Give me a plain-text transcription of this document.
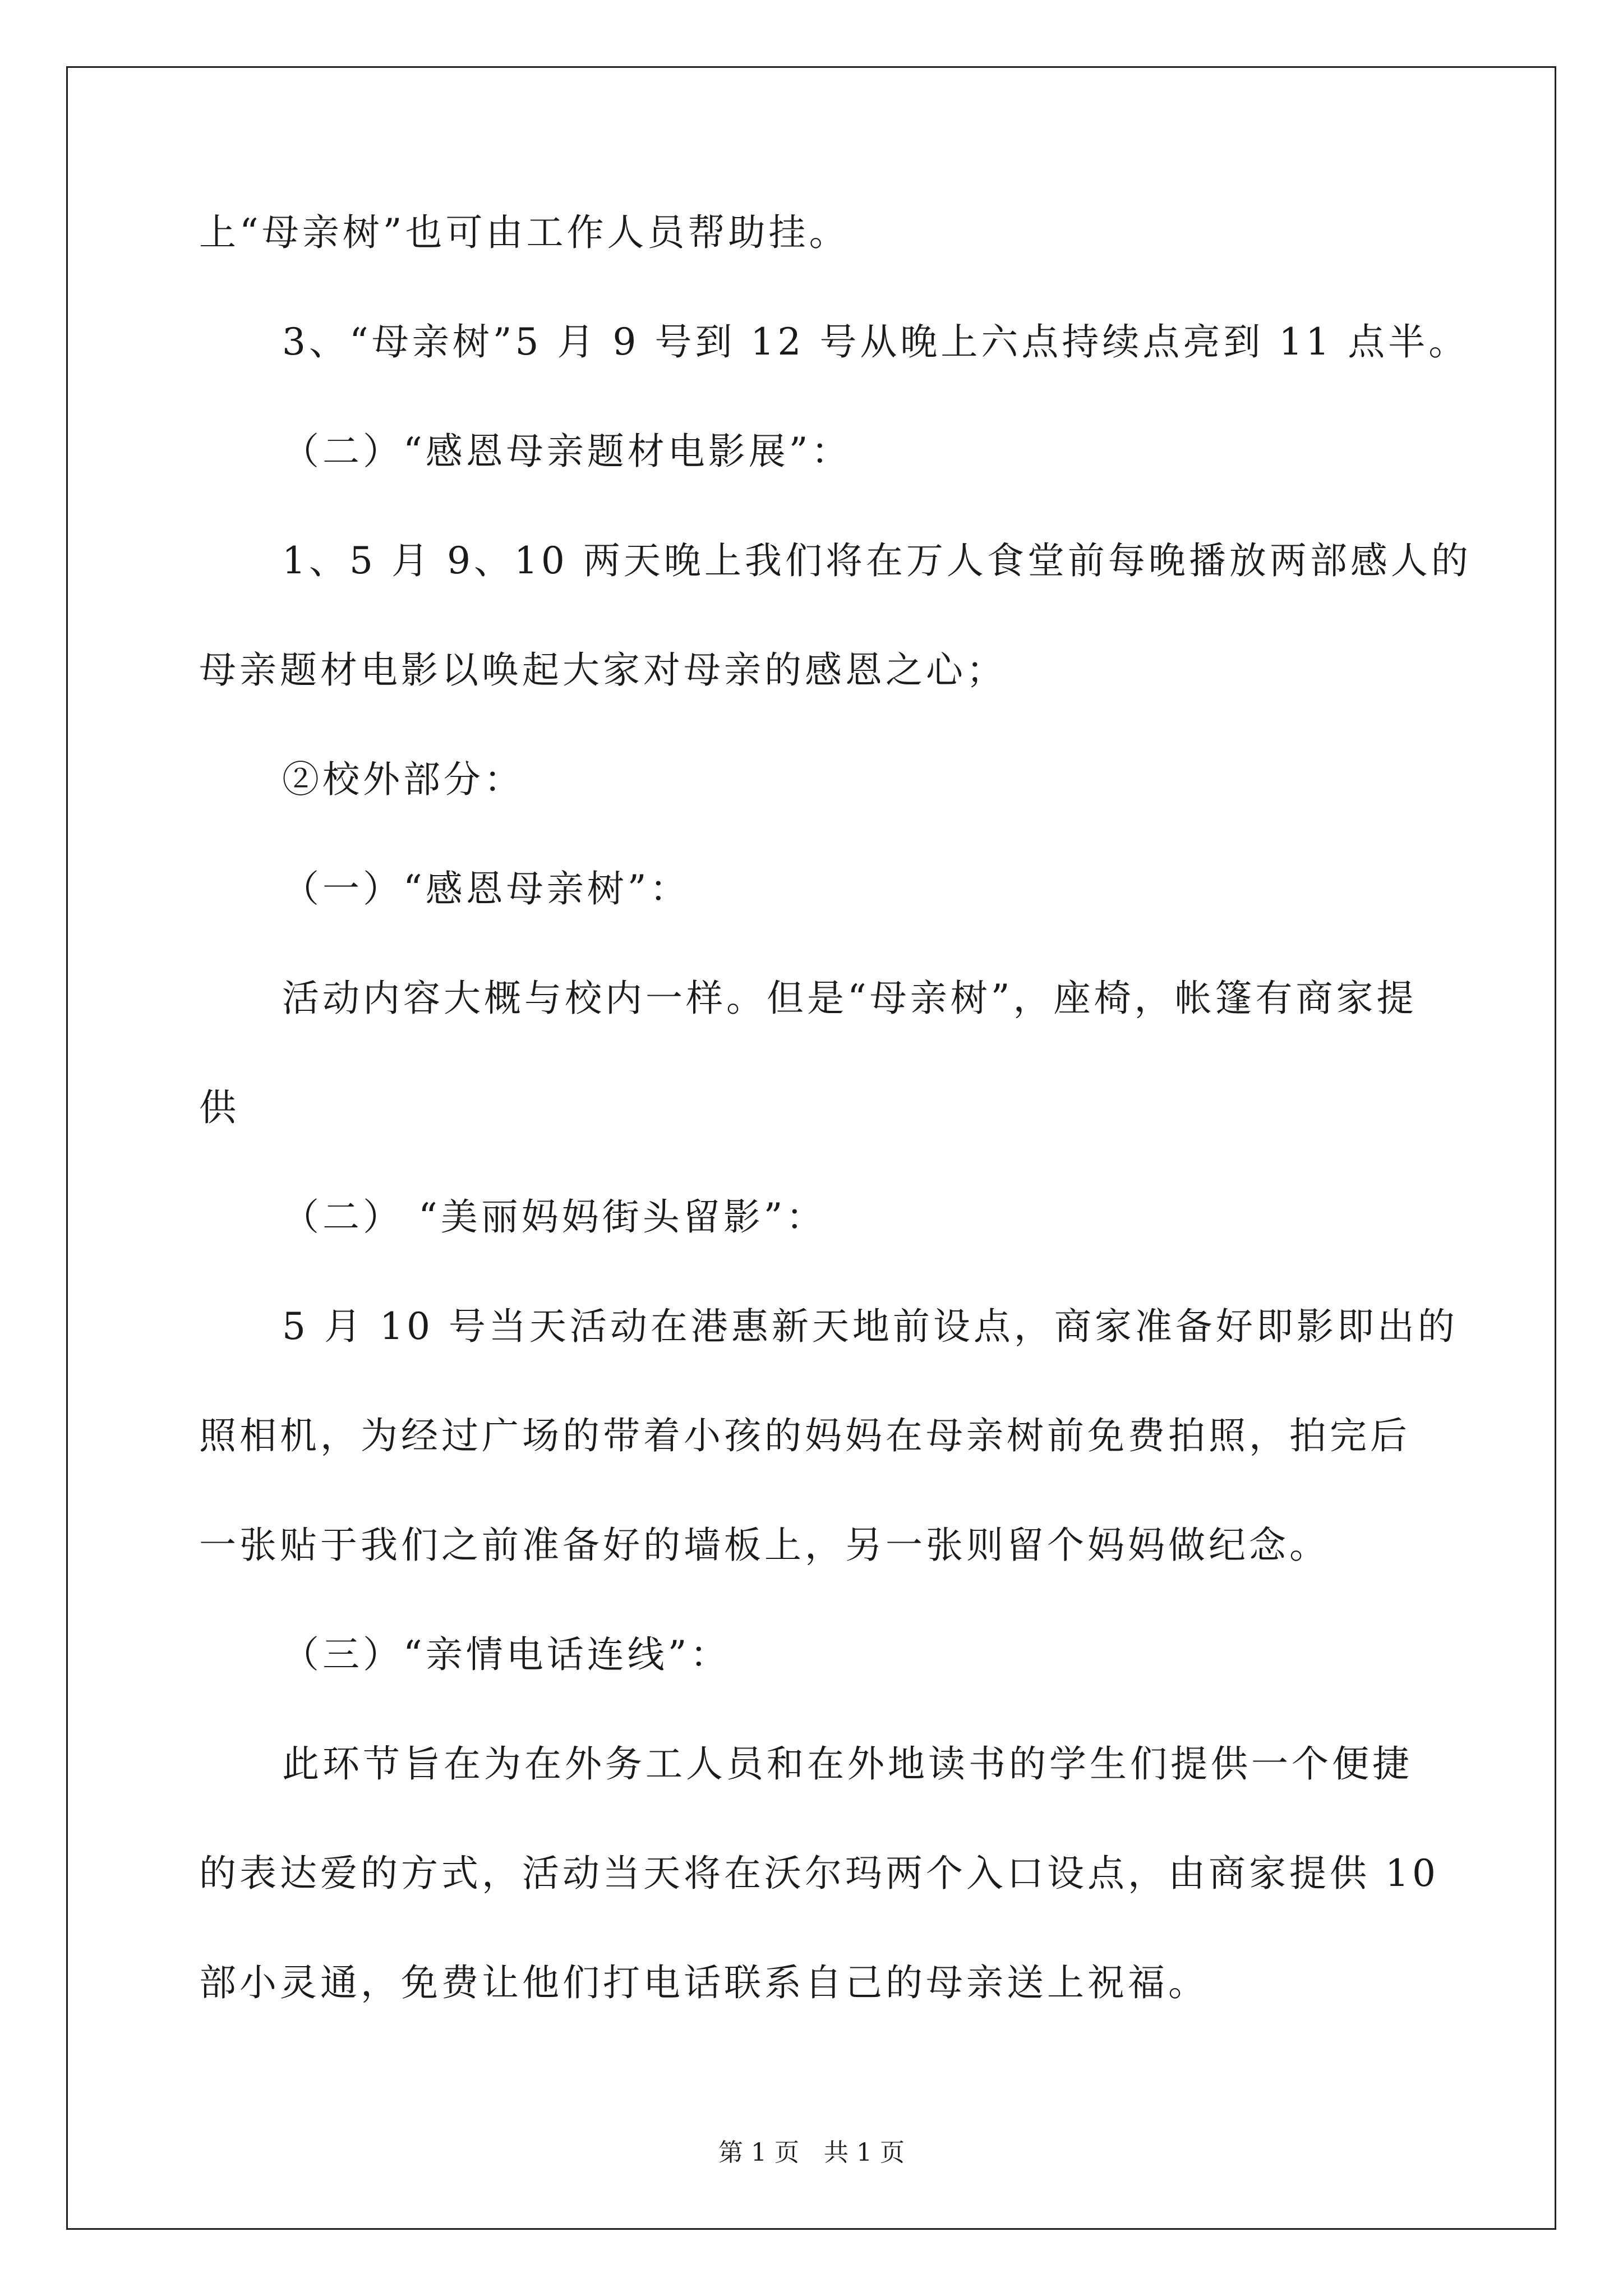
上“母亲树”也可由工作人员帮助挂。
3、“母亲树”5 月 9 号到 12 号从晚上六点持续点亮到 11 点半。
（二）“感恩母亲题材电影展”：
1、5 月 9、10 两天晚上我们将在万人食堂前每晚播放两部感人的
母亲题材电影以唤起大家对母亲的感恩之心；
②校外部分：
（一）“感恩母亲树”：
活动内容大概与校内一样。但是“母亲树”，座椅，帐篷有商家提
供
（二） “美丽妈妈街头留影”：
5 月 10 号当天活动在港惠新天地前设点，商家准备好即影即出的
照相机，为经过广场的带着小孩的妈妈在母亲树前免费拍照，拍完后
一张贴于我们之前准备好的墙板上，另一张则留个妈妈做纪念。
（三）“亲情电话连线”：
此环节旨在为在外务工人员和在外地读书的学生们提供一个便捷
的表达爱的方式，活动当天将在沃尔玛两个入口设点，由商家提供 10
部小灵通，免费让他们打电话联系自己的母亲送上祝福。
第 1 页　共 1 页
